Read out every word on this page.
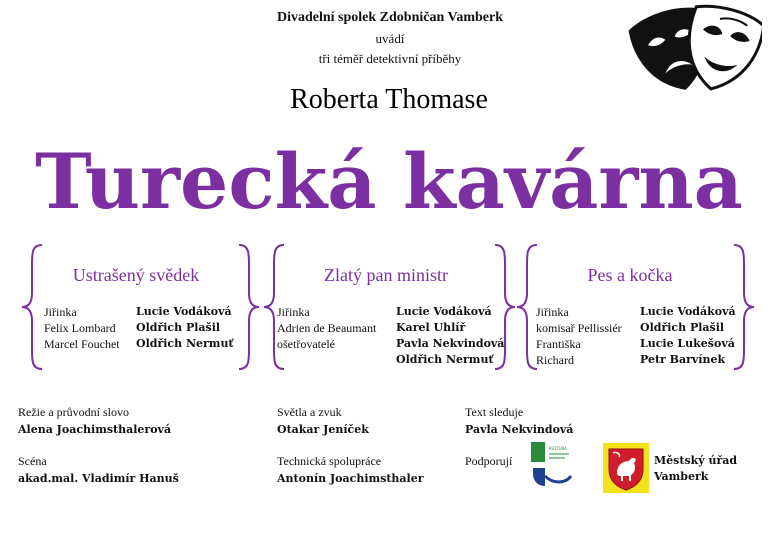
Divadelní spolek Zdobničan Vamberk
uvádí
tři téměř detektivní příběhy
Roberta Thomase
Turecká kavárna
Ustrašený svědek	Zlatý pan ministr	Pes a kočka
Jiřinka	Lucie Vodáková
Felix Lombard	Oldřich Plašil
Marcel Fouchet	Oldřich Nermuť
Jiřinka	Lucie Vodáková
Adrien de Beaumant	Karel Uhlíř
ošetřovatelé	Pavla Nekvindová
Oldřich Nermuť
Jiřinka	Lucie Vodáková
komisař Pellissiér	Oldřich Plašil
Františka	Lucie Lukešová
Richard	Petr Barvínek
Režie a průvodní slovo
Alena Joachimsthalerová
Scéna
akad.mal. Vladimír Hanuš
Světla a zvuk
Otakar Jeníček
Technická spolupráce
Antonín Joachimsthaler
Text sleduje
Pavla Nekvindová
Podporují
KULTURA
Městský úřad
Vamberk
